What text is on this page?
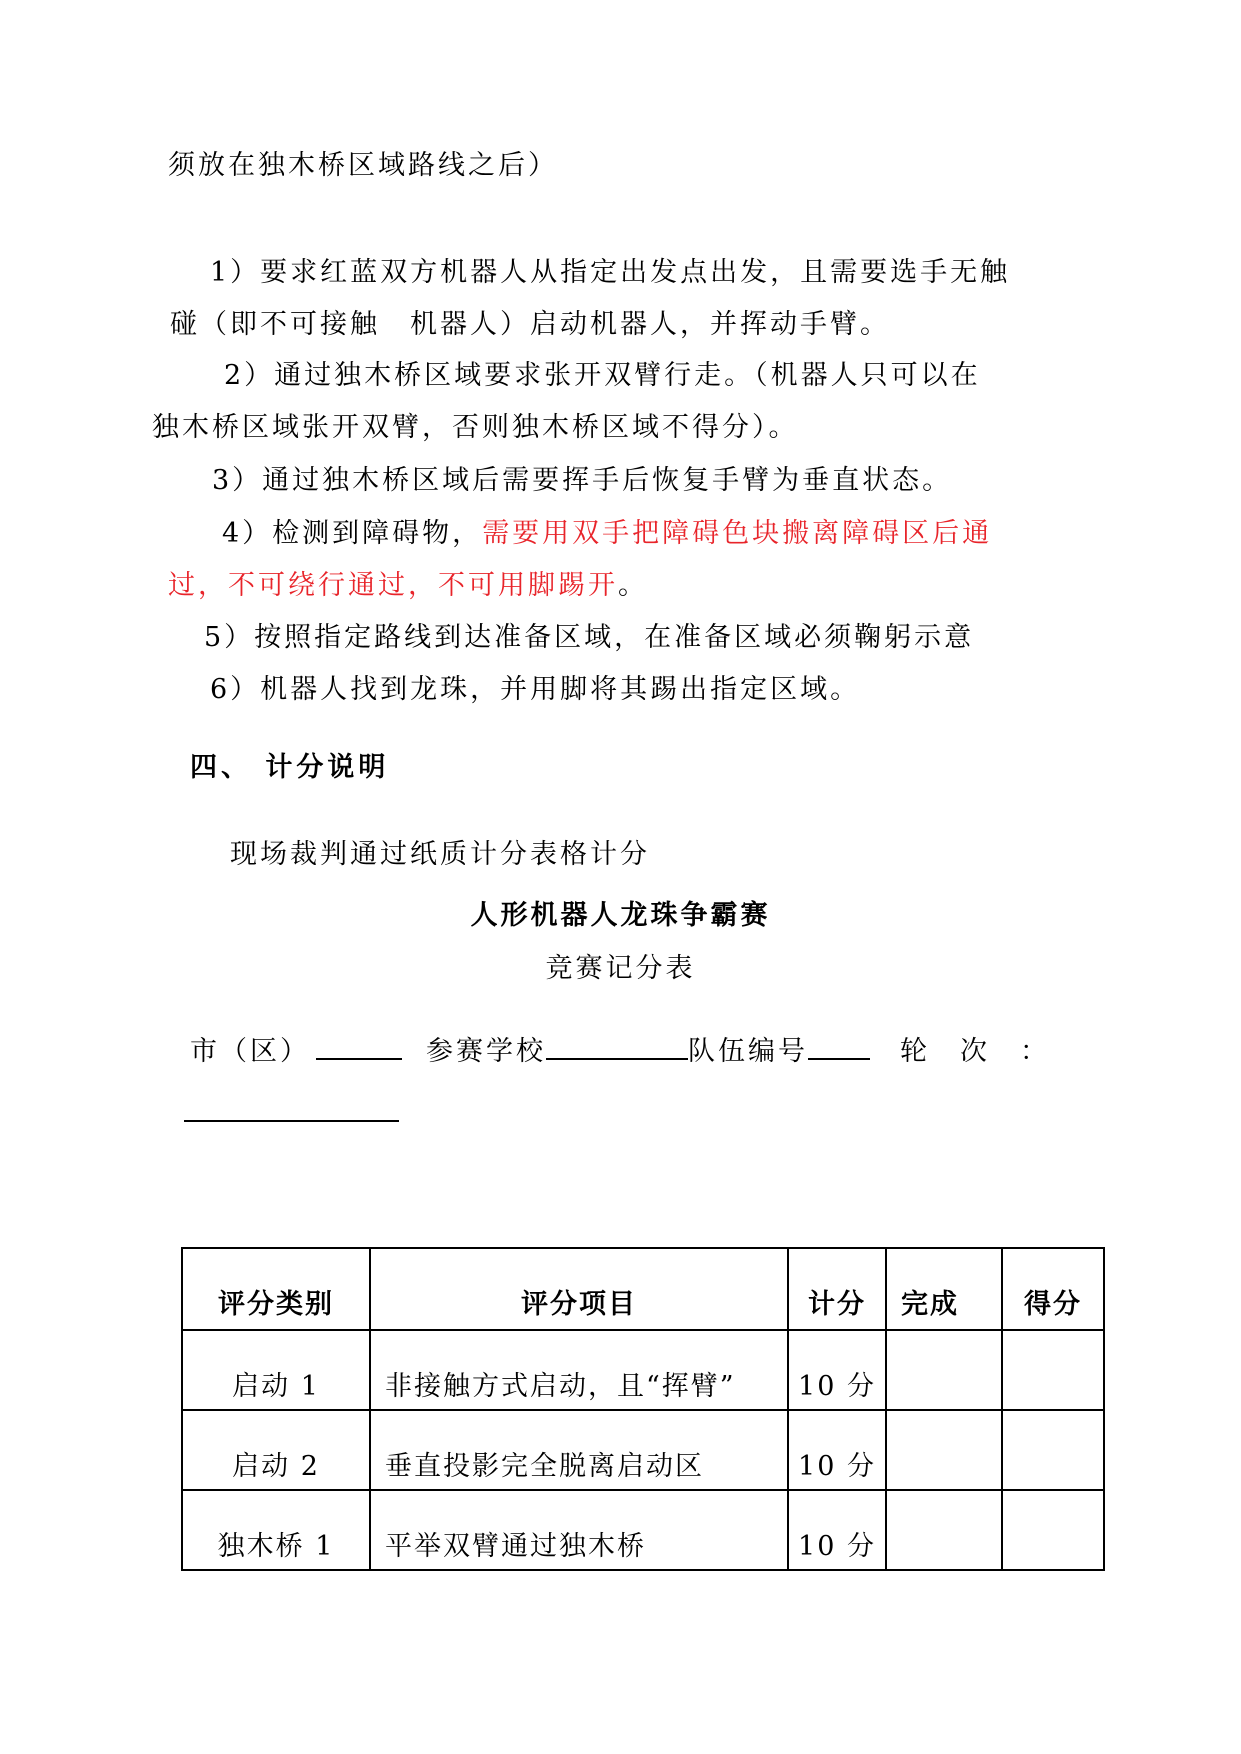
须放在独木桥区域路线之后）
1）要求红蓝双方机器人从指定出发点出发，且需要选手无触
碰（即不可接触　机器人）启动机器人，并挥动手臂。
2）通过独木桥区域要求张开双臂行走。（机器人只可以在
独木桥区域张开双臂，否则独木桥区域不得分）。
3）通过独木桥区域后需要挥手后恢复手臂为垂直状态。
4）检测到障碍物，需要用双手把障碍色块搬离障碍区后通
过，不可绕行通过，不可用脚踢开。
5）按照指定路线到达准备区域，在准备区域必须鞠躬示意
6）机器人找到龙珠，并用脚将其踢出指定区域。
四、 计分说明
现场裁判通过纸质计分表格计分
人形机器人龙珠争霸赛
竞赛记分表
市（区）	参赛学校	队伍编号	轮　次　：
评分类别	评分项目	计分	完成	得分
启动 1	非接触方式启动，且“挥臂”	10 分		
启动 2	垂直投影完全脱离启动区	10 分		
独木桥 1	平举双臂通过独木桥	10 分		
